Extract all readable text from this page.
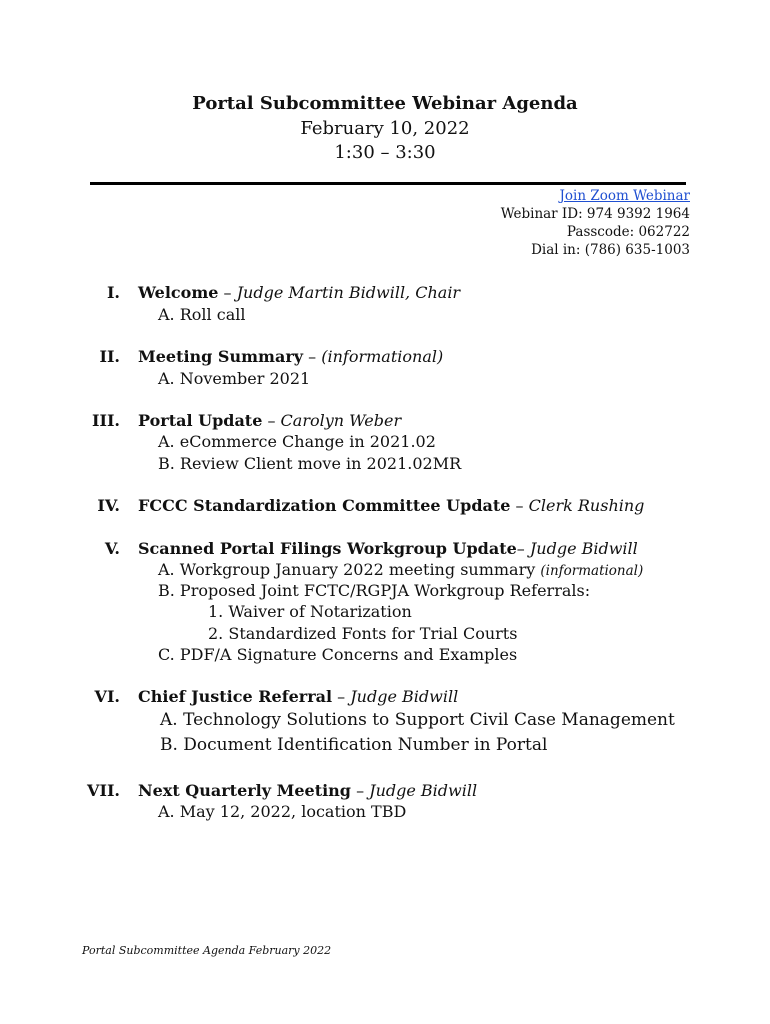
Portal Subcommittee Webinar Agenda
February 10, 2022
1:30 – 3:30
Join Zoom Webinar
Webinar ID: 974 9392 1964
Passcode: 062722
Dial in: (786) 635-1003
I. Welcome – Judge Martin Bidwill, Chair
A. Roll call
II. Meeting Summary – (informational)
A. November 2021
III. Portal Update – Carolyn Weber
A. eCommerce Change in 2021.02
B. Review Client move in 2021.02MR
IV. FCCC Standardization Committee Update – Clerk Rushing
V. Scanned Portal Filings Workgroup Update– Judge Bidwill
A. Workgroup January 2022 meeting summary (informational)
B. Proposed Joint FCTC/RGPJA Workgroup Referrals:
1. Waiver of Notarization
2. Standardized Fonts for Trial Courts
C. PDF/A Signature Concerns and Examples
VI. Chief Justice Referral – Judge Bidwill
A. Technology Solutions to Support Civil Case Management
B. Document Identification Number in Portal
VII. Next Quarterly Meeting – Judge Bidwill
A. May 12, 2022, location TBD
Portal Subcommittee Agenda February 2022
